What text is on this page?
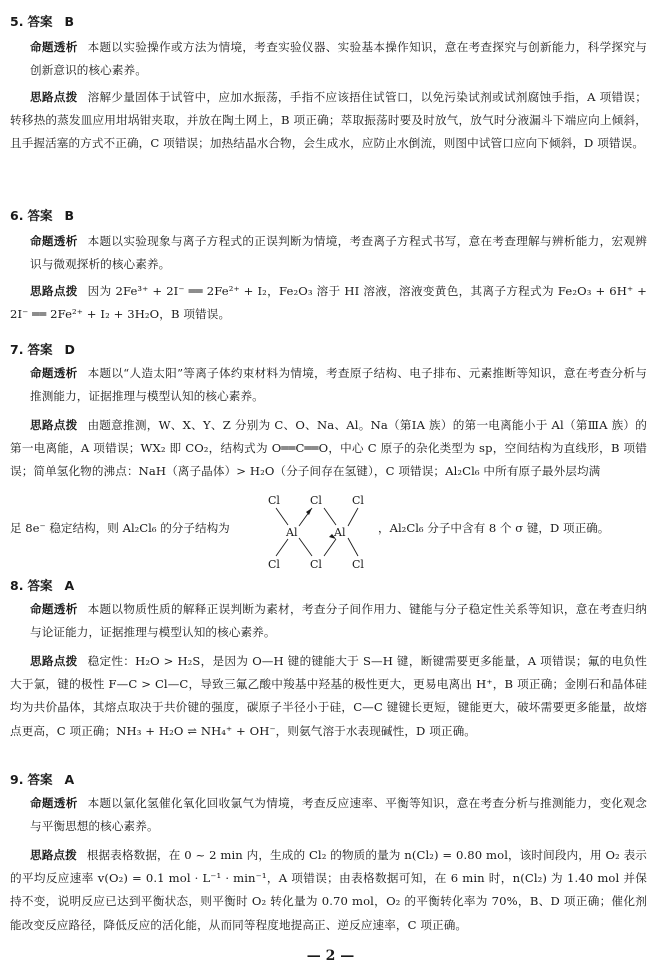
5. 答案 B
命题透析 本题以实验操作或方法为情境，考查实验仪器、实验基本操作知识，意在考查探究与创新能力，科学探究与创新意识的核心素养。
思路点拨 溶解少量固体于试管中，应加水振荡，手指不应该捂住试管口，以免污染试剂或试剂腐蚀手指，A 项错误；转移热的蒸发皿应用坩埚钳夹取，并放在陶土网上，B 项正确；萃取振荡时要及时放气，放气时分液漏斗下端应向上倾斜，且手握活塞的方式不正确，C 项错误；加热结晶水合物，会生成水，应防止水倒流，则图中试管口应向下倾斜，D 项错误。
6. 答案 B
命题透析 本题以实验现象与离子方程式的正误判断为情境，考查离子方程式书写，意在考查理解与辨析能力，宏观辨识与微观探析的核心素养。
思路点拨 因为 2Fe³⁺ + 2I⁻ ══ 2Fe²⁺ + I₂，Fe₂O₃ 溶于 HI 溶液，溶液变黄色，其离子方程式为 Fe₂O₃ + 6H⁺ + 2I⁻ ══ 2Fe²⁺ + I₂ + 3H₂O，B 项错误。
7. 答案 D
命题透析 本题以“人造太阳”等离子体约束材料为情境，考查原子结构、电子排布、元素推断等知识，意在考查分析与推测能力，证据推理与模型认知的核心素养。
思路点拨 由题意推测，W、X、Y、Z 分别为 C、O、Na、Al。Na（第ⅠA 族）的第一电离能小于 Al（第ⅢA 族）的第一电离能，A 项错误；WX₂ 即 CO₂，结构式为 O══C══O，中心 C 原子的杂化类型为 sp，空间结构为直线形，B 项错误；简单氢化物的沸点：NaH（离子晶体）> H₂O（分子间存在氢键），C 项错误；Al₂Cl₆ 中所有原子最外层均满
足 8e⁻ 稳定结构，则 Al₂Cl₆ 的分子结构为
Cl	Cl	Cl
Al	Al
Cl	Cl	Cl
，Al₂Cl₆ 分子中含有 8 个 σ 键，D 项正确。
8. 答案 A
命题透析 本题以物质性质的解释正误判断为素材，考查分子间作用力、键能与分子稳定性关系等知识，意在考查归纳与论证能力，证据推理与模型认知的核心素养。
思路点拨 稳定性：H₂O > H₂S，是因为 O—H 键的键能大于 S—H 键，断键需要更多能量，A 项错误；氟的电负性大于氯，键的极性 F—C > Cl—C，导致三氟乙酸中羧基中羟基的极性更大，更易电离出 H⁺，B 项正确；金刚石和晶体硅均为共价晶体，其熔点取决于共价键的强度，碳原子半径小于硅，C—C 键键长更短，键能更大，破坏需要更多能量，故熔点更高，C 项正确；NH₃ + H₂O ⇌ NH₄⁺ + OH⁻，则氨气溶于水表现碱性，D 项正确。
9. 答案 A
命题透析 本题以氯化氢催化氧化回收氯气为情境，考查反应速率、平衡等知识，意在考查分析与推测能力，变化观念与平衡思想的核心素养。
思路点拨 根据表格数据，在 0 ~ 2 min 内，生成的 Cl₂ 的物质的量为 n(Cl₂) = 0.80 mol，该时间段内，用 O₂ 表示的平均反应速率 v(O₂) = 0.1 mol · L⁻¹ · min⁻¹，A 项错误；由表格数据可知，在 6 min 时，n(Cl₂) 为 1.40 mol 并保持不变，说明反应已达到平衡状态，则平衡时 O₂ 转化量为 0.70 mol，O₂ 的平衡转化率为 70%，B、D 项正确；催化剂能改变反应路径，降低反应的活化能，从而同等程度地提高正、逆反应速率，C 项正确。
— 2 —
